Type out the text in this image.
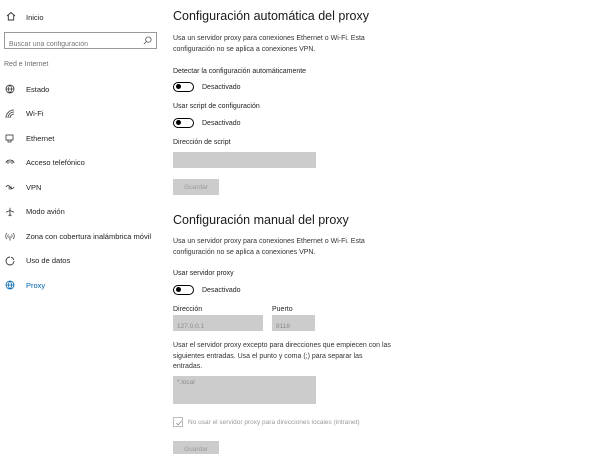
Inicio
Buscar una configuración
Red e Internet
Estado
Wi-Fi
Ethernet
Acceso telefónico
VPN
Modo avión
Zona con cobertura inalámbrica móvil
Uso de datos
Proxy
Configuración automática del proxy
Usa un servidor proxy para conexiones Ethernet o Wi-Fi. Esta configuración no se aplica a conexiones VPN.
Detectar la configuración automáticamente
Desactivado
Usar script de configuración
Desactivado
Dirección de script
Guardar
Configuración manual del proxy
Usa un servidor proxy para conexiones Ethernet o Wi-Fi. Esta configuración no se aplica a conexiones VPN.
Usar servidor proxy
Desactivado
Dirección
127.0.0.1	Puerto
8118
Usar el servidor proxy excepto para direcciones que empiecen con las siguientes entradas. Usa el punto y coma (;) para separar las entradas.
*.local
No usar el servidor proxy para direcciones locales (intranet)
Guardar
